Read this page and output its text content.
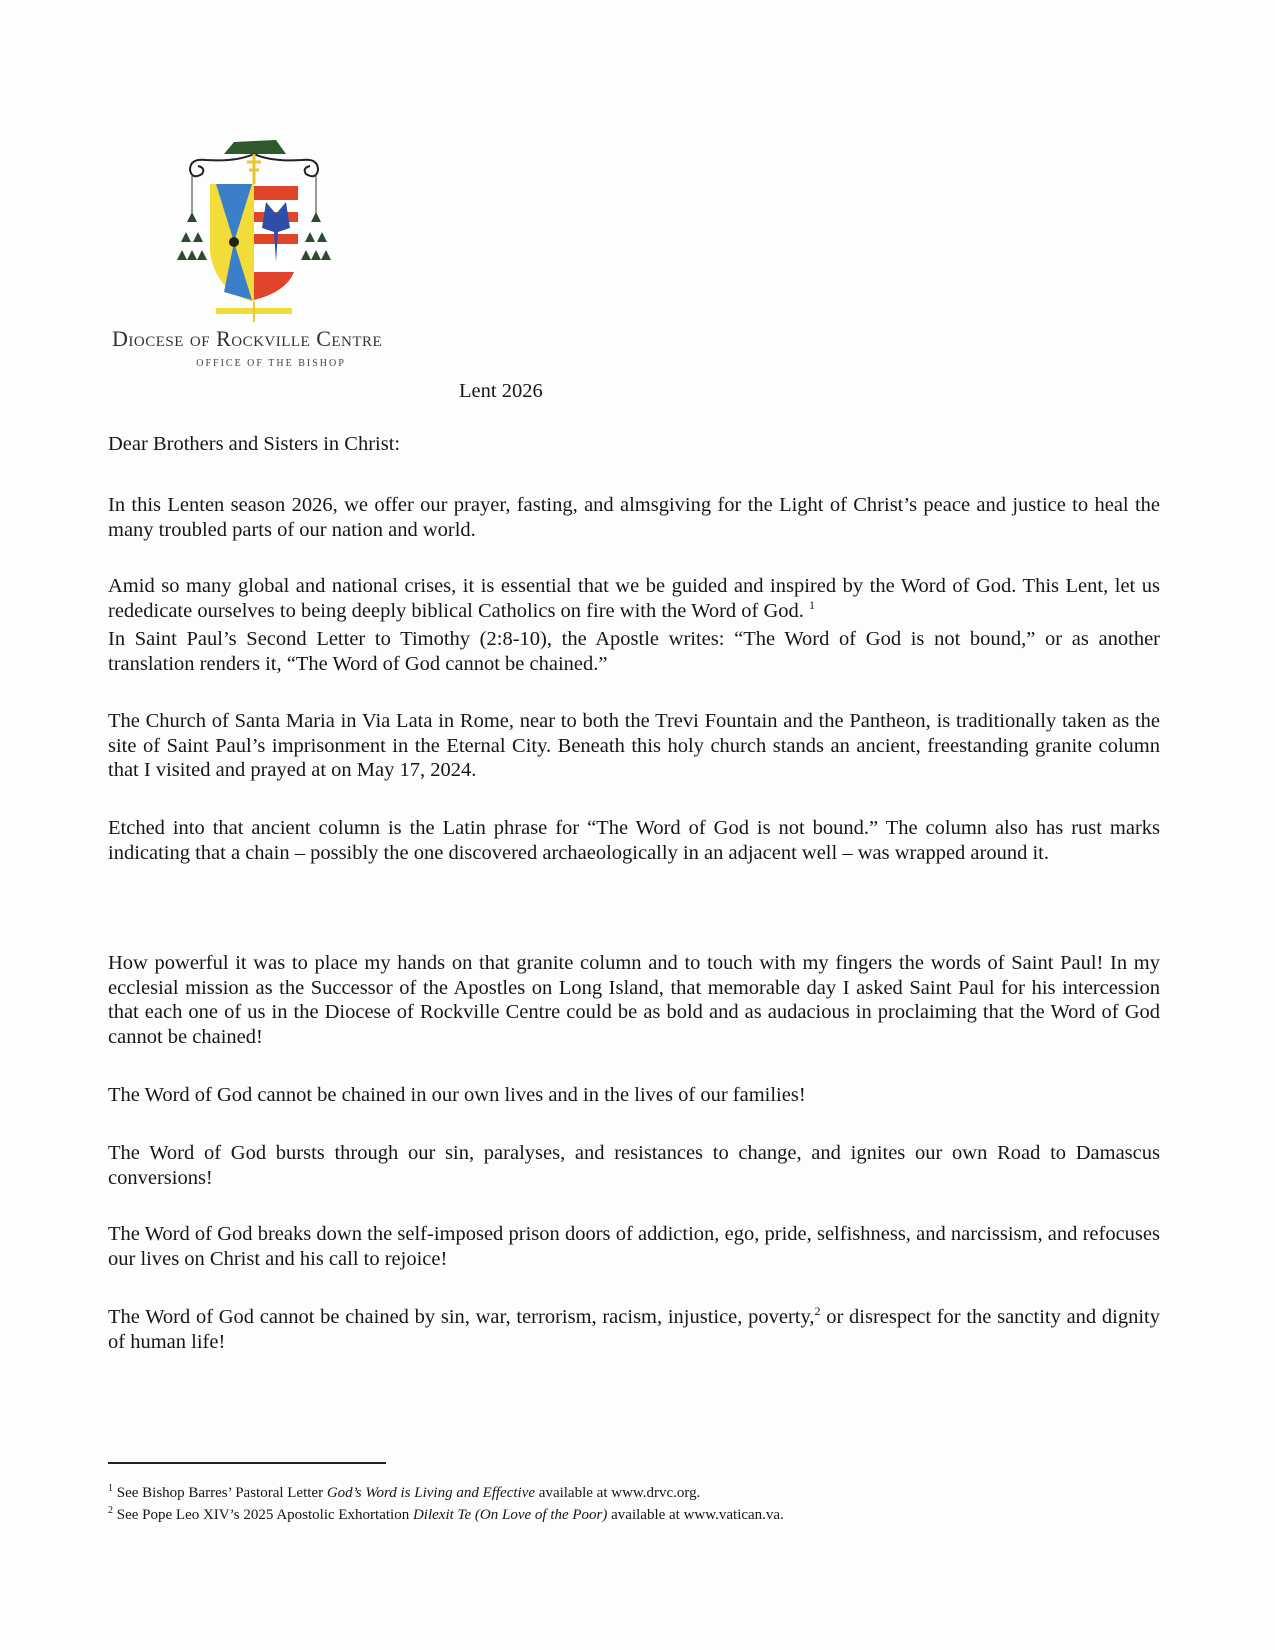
Diocese of Rockville Centre
OFFICE OF THE BISHOP
Lent 2026
Dear Brothers and Sisters in Christ:
In this Lenten season 2026, we offer our prayer, fasting, and almsgiving for the Light of Christ’s peace and justice to heal the many troubled parts of our nation and world.
Amid so many global and national crises, it is essential that we be guided and inspired by the Word of God. This Lent, let us rededicate ourselves to being deeply biblical Catholics on fire with the Word of God. $^1$
In Saint Paul’s Second Letter to Timothy (2:8-10), the Apostle writes: “The Word of God is not bound,” or as another translation renders it, “The Word of God cannot be chained.”
The Church of Santa Maria in Via Lata in Rome, near to both the Trevi Fountain and the Pantheon, is traditionally taken as the site of Saint Paul’s imprisonment in the Eternal City. Beneath this holy church stands an ancient, freestanding granite column that I visited and prayed at on May 17, 2024.
Etched into that ancient column is the Latin phrase for “The Word of God is not bound.” The column also has rust marks indicating that a chain – possibly the one discovered archaeologically in an adjacent well – was wrapped around it.
How powerful it was to place my hands on that granite column and to touch with my fingers the words of Saint Paul! In my ecclesial mission as the Successor of the Apostles on Long Island, that memorable day I asked Saint Paul for his intercession that each one of us in the Diocese of Rockville Centre could be as bold and as audacious in proclaiming that the Word of God cannot be chained!
The Word of God cannot be chained in our own lives and in the lives of our families!
The Word of God bursts through our sin, paralyses, and resistances to change, and ignites our own Road to Damascus conversions!
The Word of God breaks down the self-imposed prison doors of addiction, ego, pride, selfishness, and narcissism, and refocuses our lives on Christ and his call to rejoice!
The Word of God cannot be chained by sin, war, terrorism, racism, injustice, poverty,$^2$ or disrespect for the sanctity and dignity of human life!
$^1$ See Bishop Barres’ Pastoral Letter God’s Word is Living and Effective available at www.drvc.org.
$^2$ See Pope Leo XIV’s 2025 Apostolic Exhortation Dilexit Te (On Love of the Poor) available at www.vatican.va.
